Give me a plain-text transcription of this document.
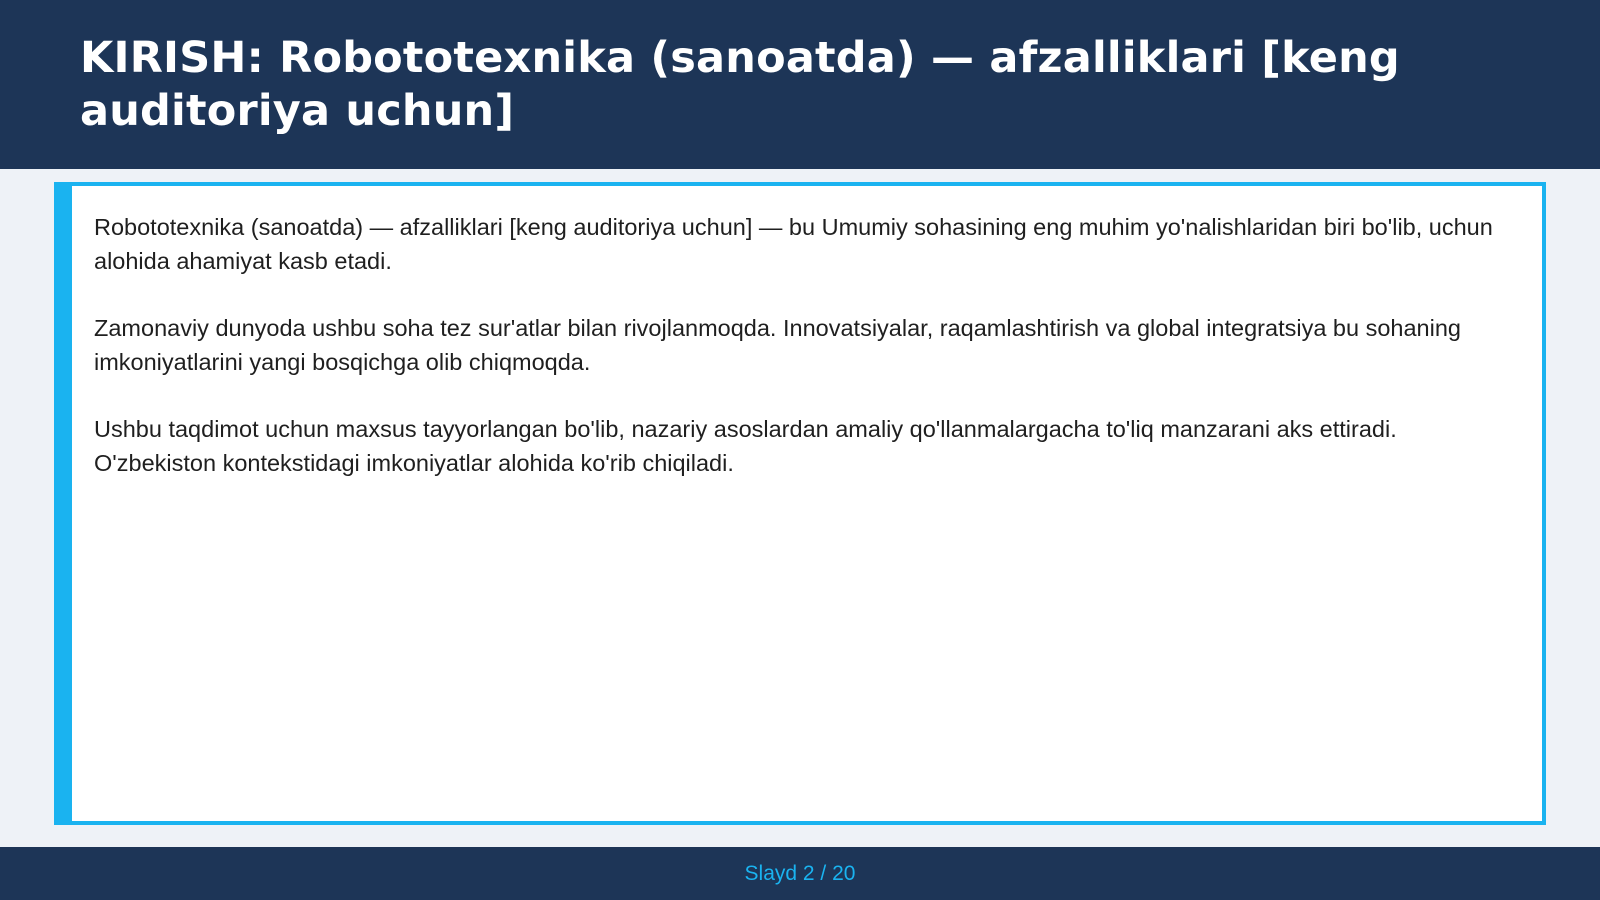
KIRISH: Robototexnika (sanoatda) — afzalliklari [keng auditoriya uchun]

Robototexnika (sanoatda) — afzalliklari [keng auditoriya uchun] — bu Umumiy sohasining eng muhim yo'nalishlaridan biri bo'lib, uchun alohida ahamiyat kasb etadi.

Zamonaviy dunyoda ushbu soha tez sur'atlar bilan rivojlanmoqda. Innovatsiyalar, raqamlashtirish va global integratsiya bu sohaning imkoniyatlarini yangi bosqichga olib chiqmoqda.

Ushbu taqdimot uchun maxsus tayyorlangan bo'lib, nazariy asoslardan amaliy qo'llanmalargacha to'liq manzarani aks ettiradi. O'zbekiston kontekstidagi imkoniyatlar alohida ko'rib chiqiladi.

Slayd 2 / 20
